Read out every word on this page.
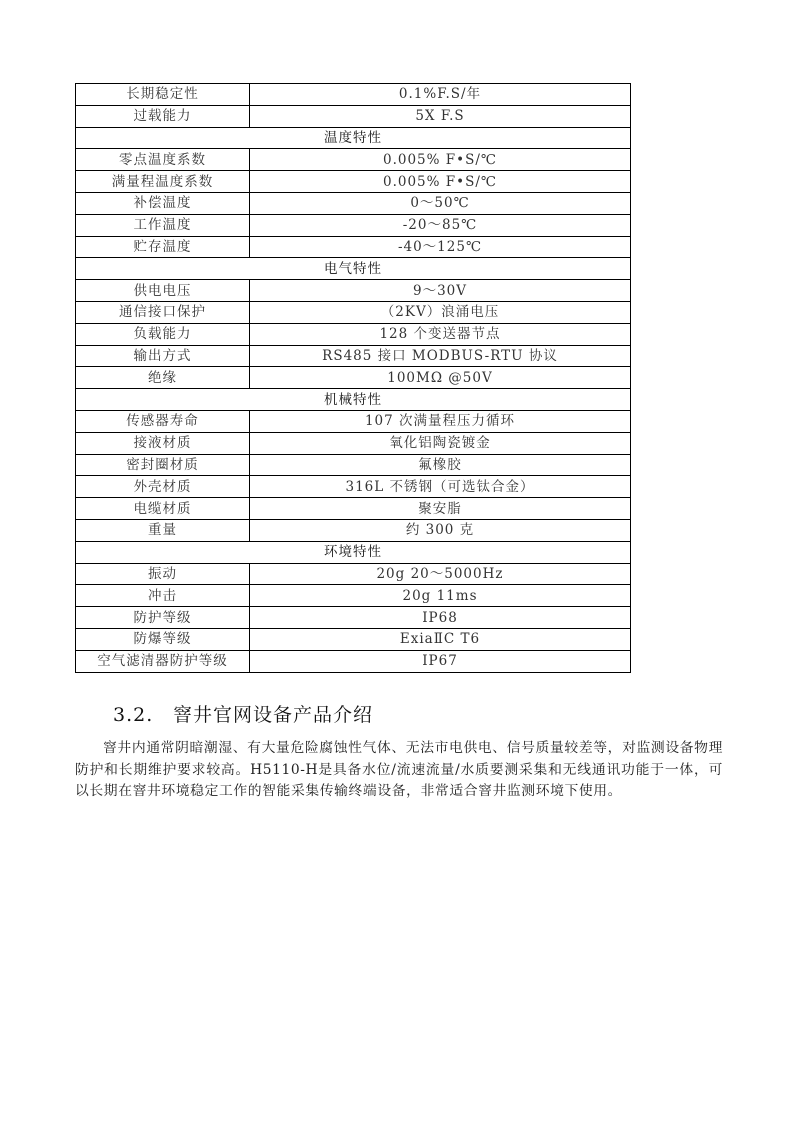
长期稳定性	0.1%F.S/年
过载能力	5X F.S
温度特性	
零点温度系数	0.005% F•S/℃
满量程温度系数	0.005% F•S/℃
补偿温度	0～50℃
工作温度	-20～85℃
贮存温度	-40～125℃
电气特性	
供电电压	9～30V
通信接口保护	（2KV）浪涌电压
负载能力	128 个变送器节点
输出方式	RS485 接口 MODBUS-RTU 协议
绝缘	100MΩ @50V
机械特性	
传感器寿命	107 次满量程压力循环
接液材质	氧化铝陶瓷镀金
密封圈材质	氟橡胶
外壳材质	316L 不锈钢（可选钛合金）
电缆材质	聚安脂
重量	约 300 克
环境特性	
振动	20g 20～5000Hz
冲击	20g 11ms
防护等级	IP68
防爆等级	ExiaⅡC T6
空气滤清器防护等级	IP67
3.2. 窨井官网设备产品介绍
窨井内通常阴暗潮湿、有大量危险腐蚀性气体、无法市电供电、信号质量较差等，对监测设备物理防护和长期维护要求较高。H5110-H是具备水位/流速流量/水质要测采集和无线通讯功能于一体，可以长期在窨井环境稳定工作的智能采集传输终端设备，非常适合窨井监测环境下使用。
